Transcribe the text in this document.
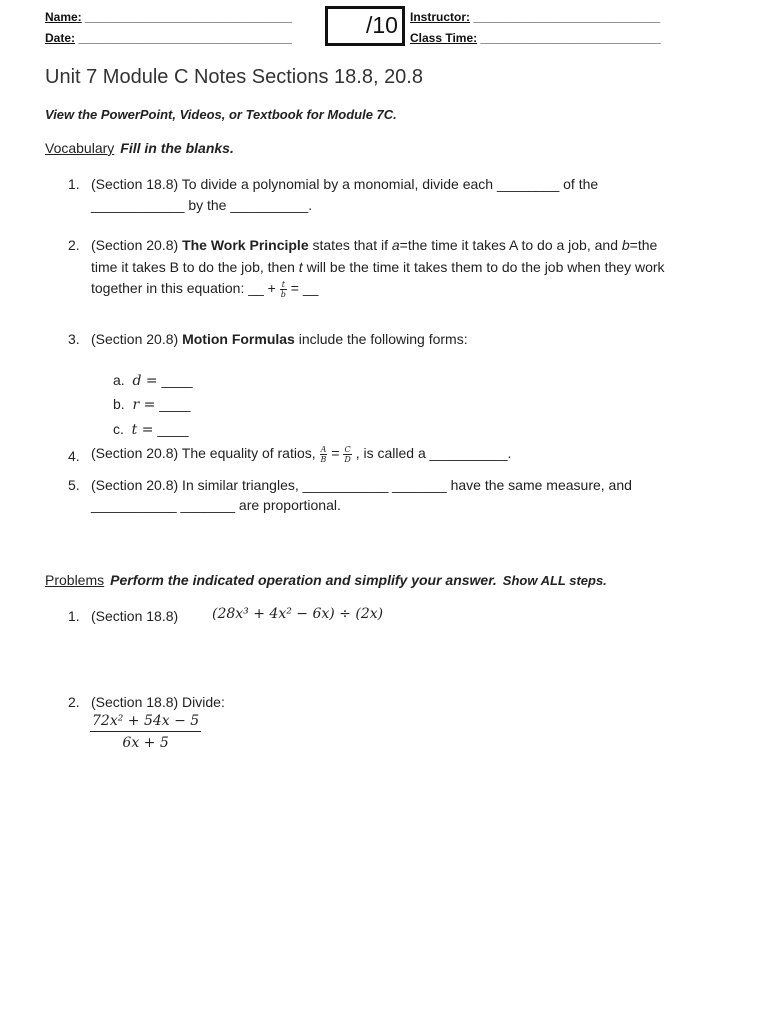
Name: _______________________________
Date: ________________________________	/10 Instructor: ____________________________
Class Time: ___________________________
Unit 7 Module C Notes Sections 18.8, 20.8
View the PowerPoint, Videos, or Textbook for Module 7C.
Vocabulary Fill in the blanks.
1. (Section 18.8) To divide a polynomial by a monomial, divide each ________ of the
____________ by the __________.
2. (Section 20.8) The Work Principle states that if a=the time it takes A to do a job, and b=the
time it takes B to do the job, then t will be the time it takes them to do the job when they work
together in this equation: __ + $\frac{t}{b}$ = __
3. (Section 20.8) Motion Formulas include the following forms:
a. d = ____
b. r = ____
c. t = ____
4. (Section 20.8) The equality of ratios, $\frac{A}{B} = \frac{C}{D}$ , is called a __________.
5. (Section 20.8) In similar triangles, ___________ _______ have the same measure, and
___________ _______ are proportional.
Problems Perform the indicated operation and simplify your answer. Show ALL steps.
1. (Section 18.8) (28x³ + 4x² − 6x) ÷ (2x)
2. (Section 18.8) Divide:
$\frac{\text{72x² + 54x − 5}}{6x + 5}$
